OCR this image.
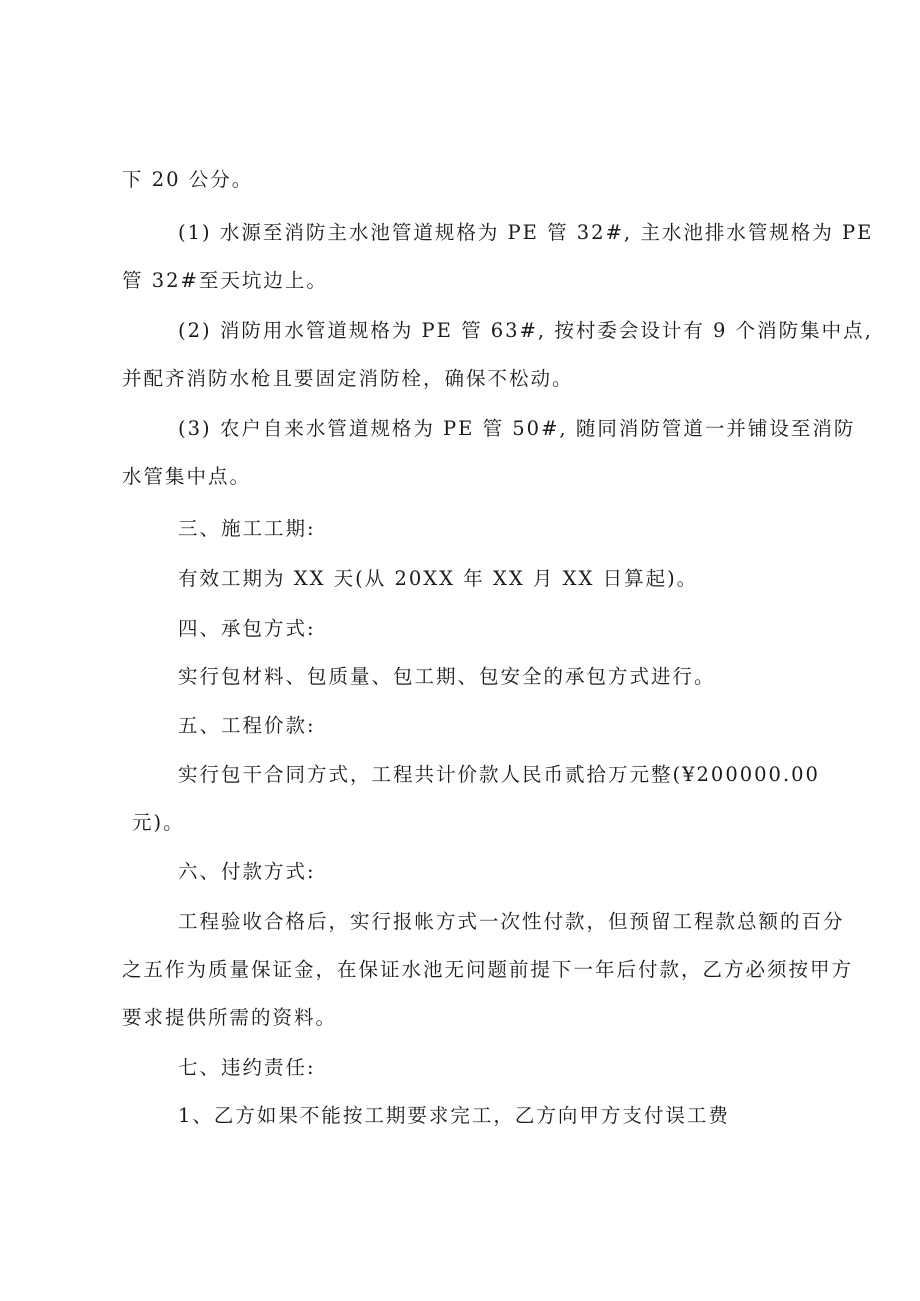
下 20 公分。
(1) 水源至消防主水池管道规格为 PE 管 32#, 主水池排水管规格为 PE
管 32#至天坑边上。
(2) 消防用水管道规格为 PE 管 63#, 按村委会设计有 9 个消防集中点,
并配齐消防水枪且要固定消防栓，确保不松动。
(3) 农户自来水管道规格为 PE 管 50#, 随同消防管道一并铺设至消防
水管集中点。
三、施工工期:
有效工期为 XX 天(从 20XX 年 XX 月 XX 日算起)。
四、承包方式:
实行包材料、包质量、包工期、包安全的承包方式进行。
五、工程价款:
实行包干合同方式，工程共计价款人民币贰拾万元整(¥200000.00
元)。
六、付款方式:
工程验收合格后，实行报帐方式一次性付款，但预留工程款总额的百分
之五作为质量保证金，在保证水池无问题前提下一年后付款，乙方必须按甲方
要求提供所需的资料。
七、违约责任:
1、乙方如果不能按工期要求完工，乙方向甲方支付误工费
